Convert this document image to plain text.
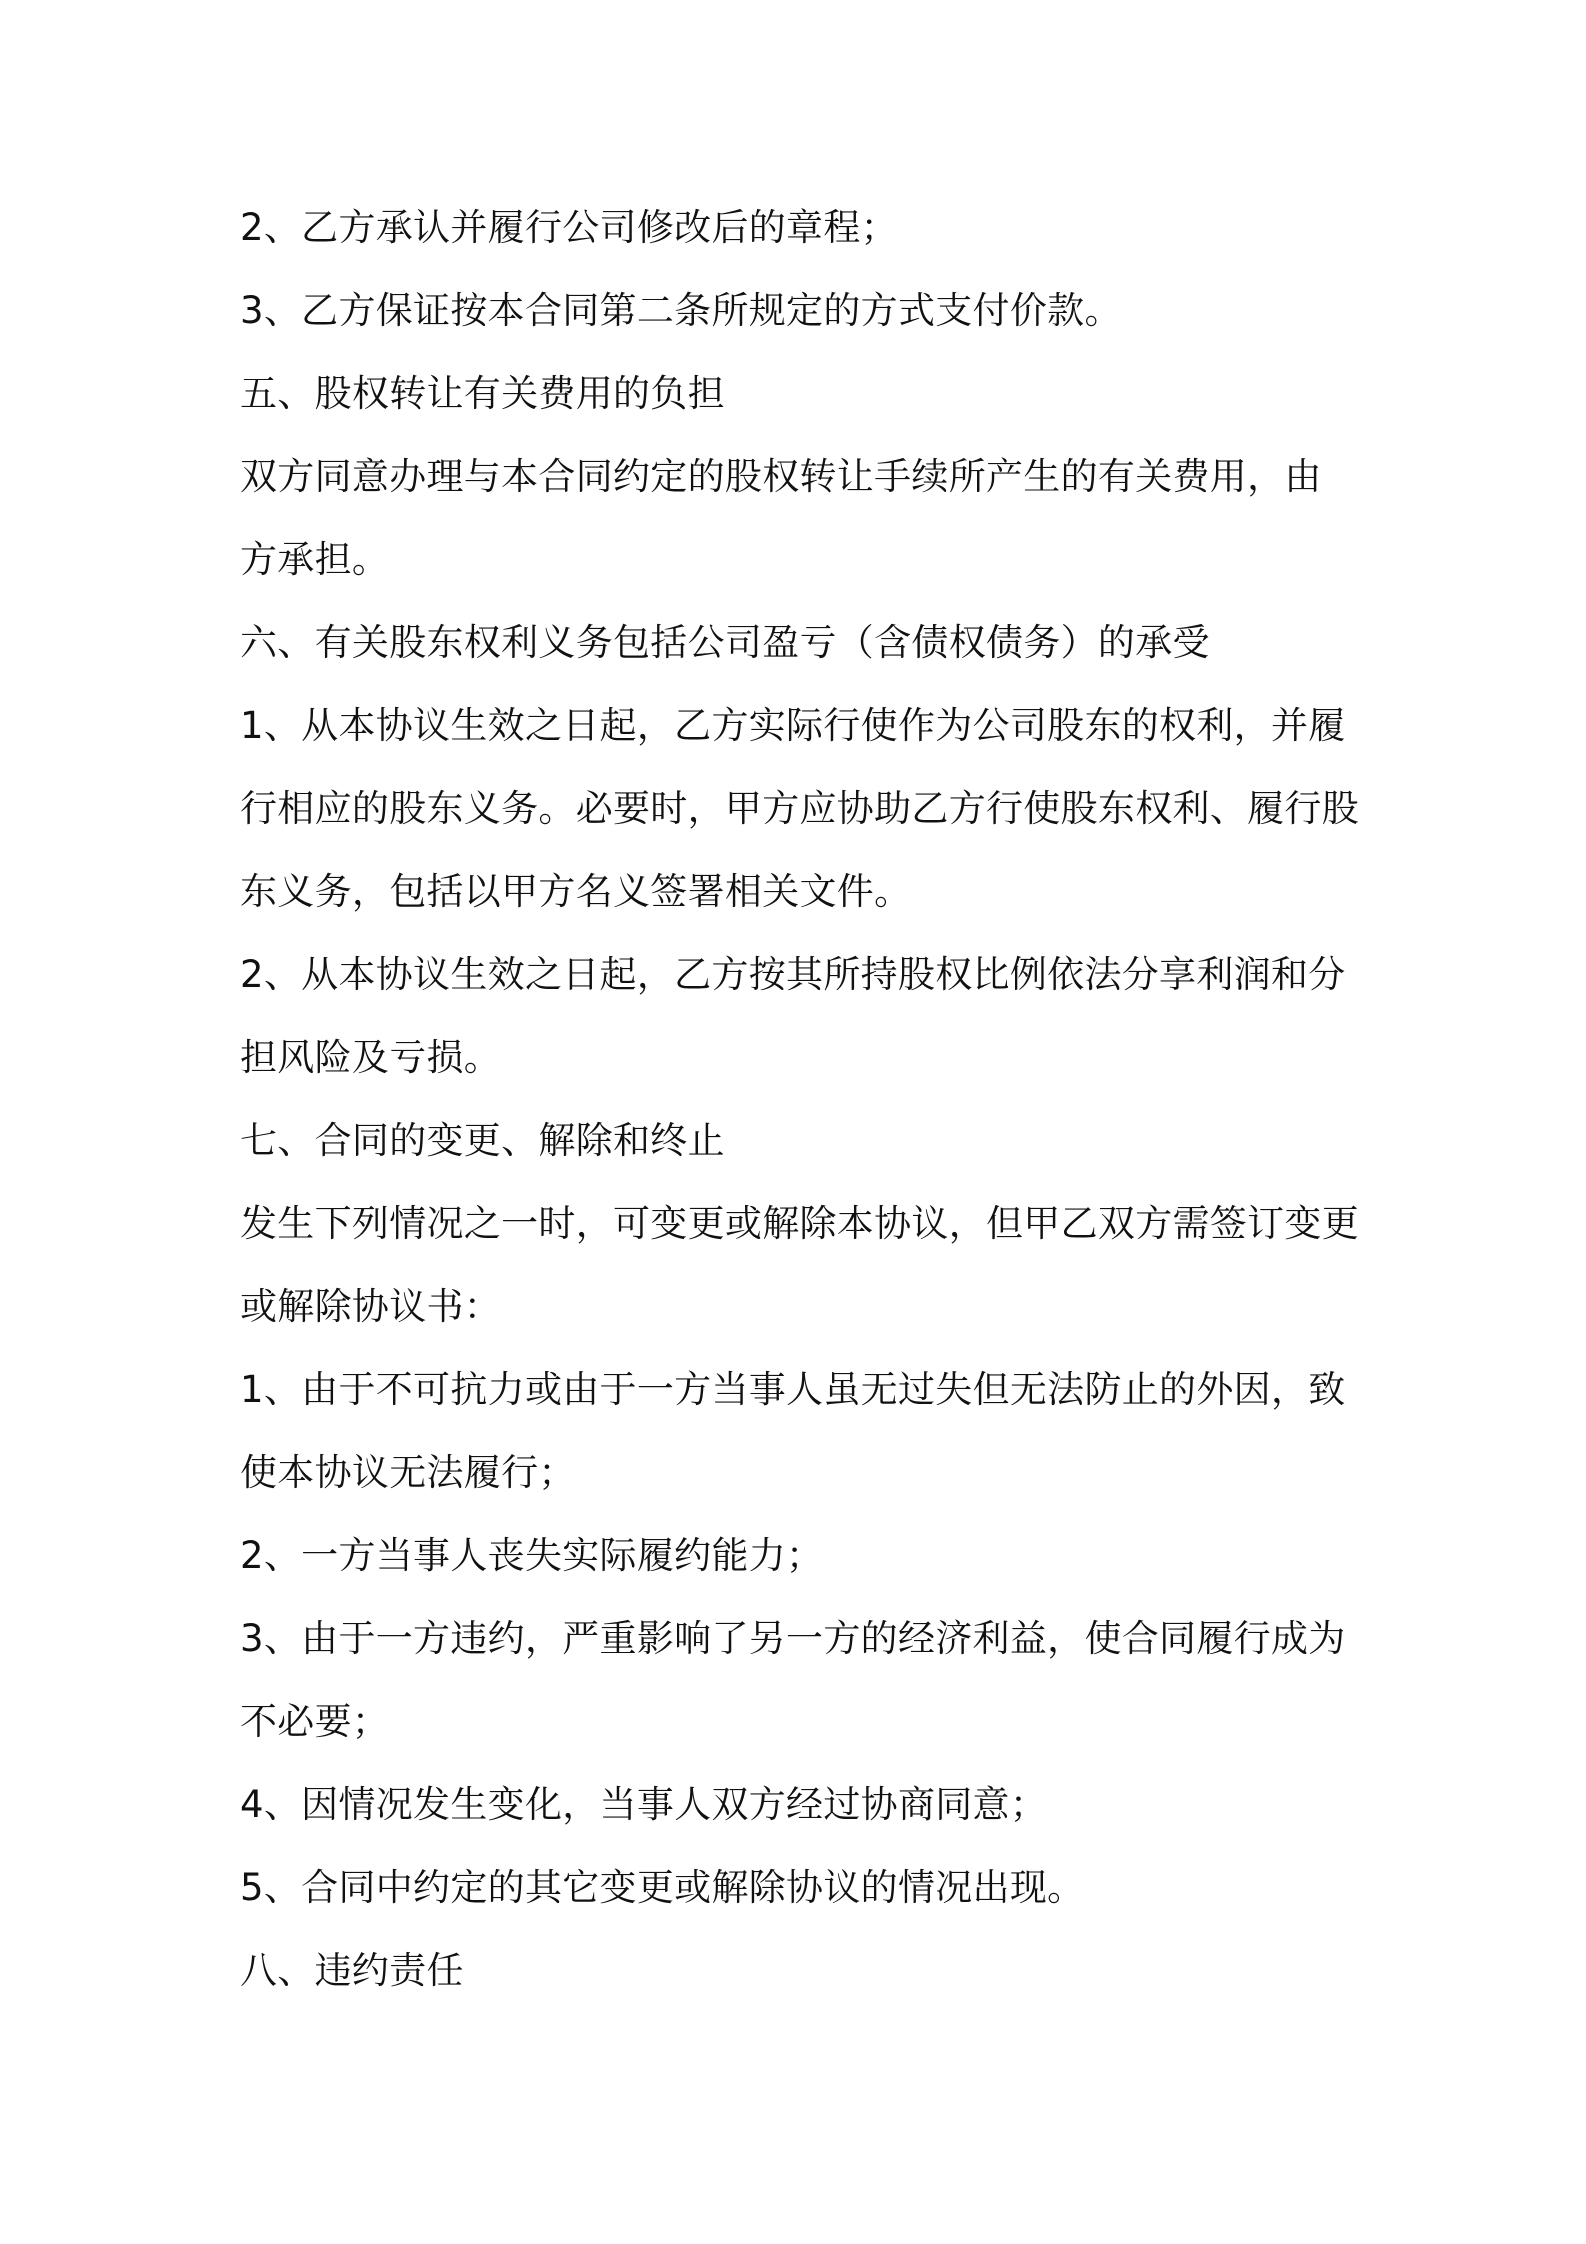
2、乙方承认并履行公司修改后的章程；
3、乙方保证按本合同第二条所规定的方式支付价款。
五、股权转让有关费用的负担
双方同意办理与本合同约定的股权转让手续所产生的有关费用，由
方承担。
六、有关股东权利义务包括公司盈亏（含债权债务）的承受
1、从本协议生效之日起，乙方实际行使作为公司股东的权利，并履
行相应的股东义务。必要时，甲方应协助乙方行使股东权利、履行股
东义务，包括以甲方名义签署相关文件。
2、从本协议生效之日起，乙方按其所持股权比例依法分享利润和分
担风险及亏损。
七、合同的变更、解除和终止
发生下列情况之一时，可变更或解除本协议，但甲乙双方需签订变更
或解除协议书：
1、由于不可抗力或由于一方当事人虽无过失但无法防止的外因，致
使本协议无法履行；
2、一方当事人丧失实际履约能力；
3、由于一方违约，严重影响了另一方的经济利益，使合同履行成为
不必要；
4、因情况发生变化，当事人双方经过协商同意；
5、合同中约定的其它变更或解除协议的情况出现。
八、违约责任
